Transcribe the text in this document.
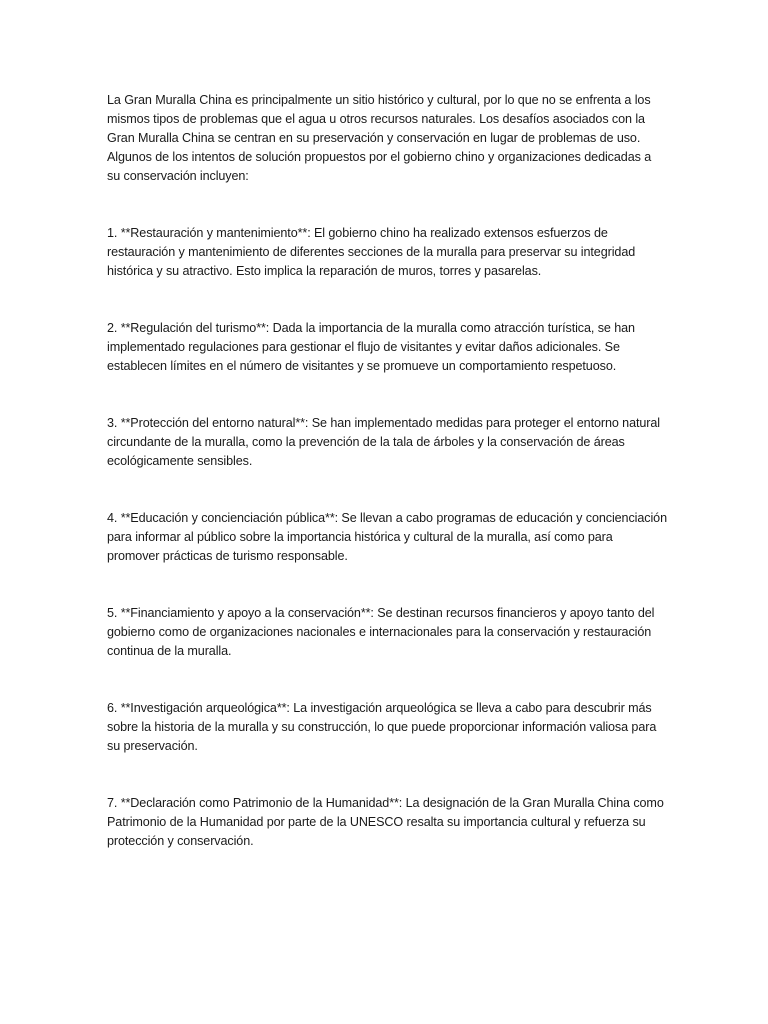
La Gran Muralla China es principalmente un sitio histórico y cultural, por lo que no se enfrenta a los mismos tipos de problemas que el agua u otros recursos naturales. Los desafíos asociados con la Gran Muralla China se centran en su preservación y conservación en lugar de problemas de uso. Algunos de los intentos de solución propuestos por el gobierno chino y organizaciones dedicadas a su conservación incluyen:

1. **Restauración y mantenimiento**: El gobierno chino ha realizado extensos esfuerzos de restauración y mantenimiento de diferentes secciones de la muralla para preservar su integridad histórica y su atractivo. Esto implica la reparación de muros, torres y pasarelas.

2. **Regulación del turismo**: Dada la importancia de la muralla como atracción turística, se han implementado regulaciones para gestionar el flujo de visitantes y evitar daños adicionales. Se establecen límites en el número de visitantes y se promueve un comportamiento respetuoso.

3. **Protección del entorno natural**: Se han implementado medidas para proteger el entorno natural circundante de la muralla, como la prevención de la tala de árboles y la conservación de áreas ecológicamente sensibles.

4. **Educación y concienciación pública**: Se llevan a cabo programas de educación y concienciación para informar al público sobre la importancia histórica y cultural de la muralla, así como para promover prácticas de turismo responsable.

5. **Financiamiento y apoyo a la conservación**: Se destinan recursos financieros y apoyo tanto del gobierno como de organizaciones nacionales e internacionales para la conservación y restauración continua de la muralla.

6. **Investigación arqueológica**: La investigación arqueológica se lleva a cabo para descubrir más sobre la historia de la muralla y su construcción, lo que puede proporcionar información valiosa para su preservación.

7. **Declaración como Patrimonio de la Humanidad**: La designación de la Gran Muralla China como Patrimonio de la Humanidad por parte de la UNESCO resalta su importancia cultural y refuerza su protección y conservación.
